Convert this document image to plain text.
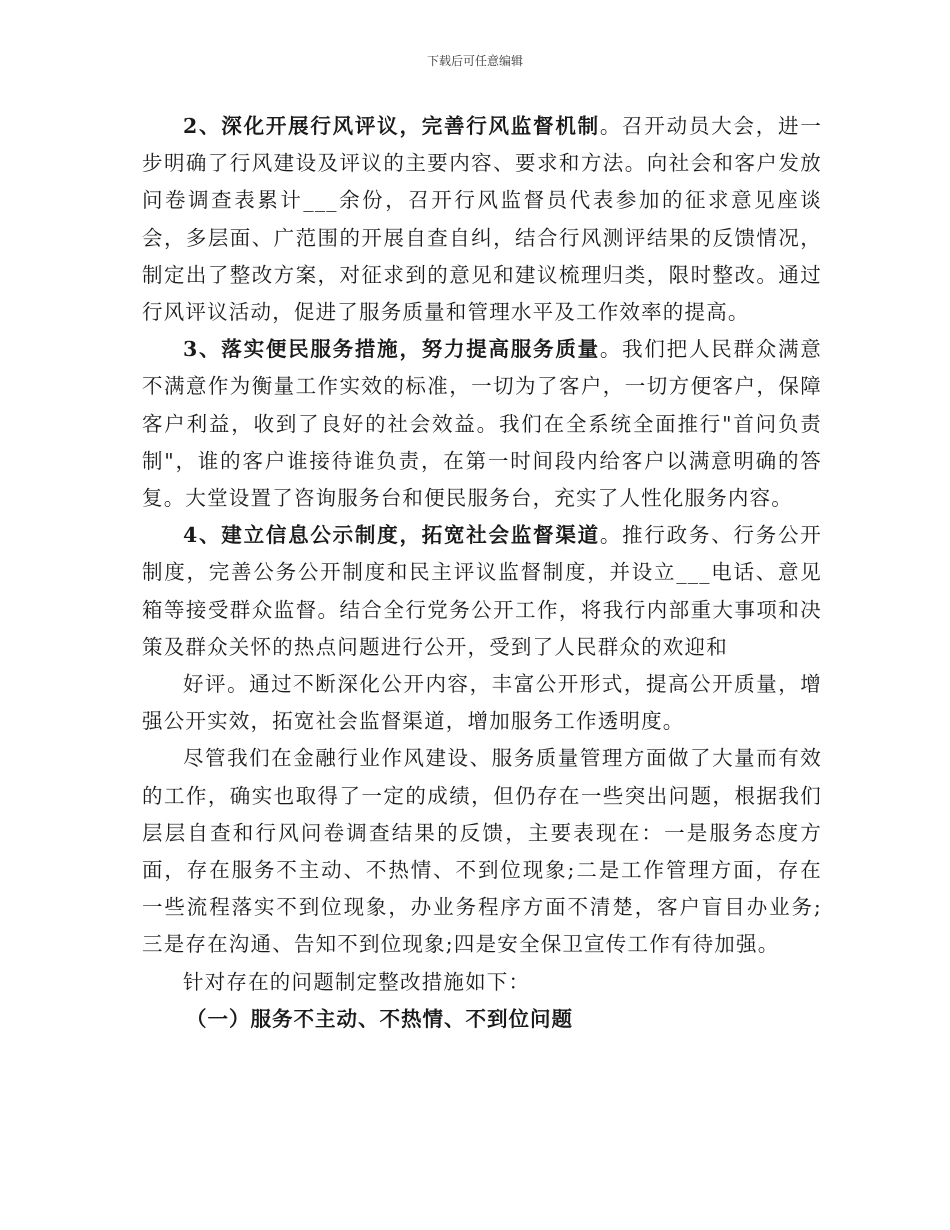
下载后可任意编辑

2、深化开展行风评议，完善行风监督机制。召开动员大会，进一步明确了行风建设及评议的主要内容、要求和方法。向社会和客户发放问卷调查表累计___余份，召开行风监督员代表参加的征求意见座谈会，多层面、广范围的开展自查自纠，结合行风测评结果的反馈情况，制定出了整改方案，对征求到的意见和建议梳理归类，限时整改。通过行风评议活动，促进了服务质量和管理水平及工作效率的提高。

3、落实便民服务措施，努力提高服务质量。我们把人民群众满意不满意作为衡量工作实效的标准，一切为了客户，一切方便客户，保障客户利益，收到了良好的社会效益。我们在全系统全面推行"首问负责制"，谁的客户谁接待谁负责，在第一时间段内给客户以满意明确的答复。大堂设置了咨询服务台和便民服务台，充实了人性化服务内容。

4、建立信息公示制度，拓宽社会监督渠道。推行政务、行务公开制度，完善公务公开制度和民主评议监督制度，并设立___电话、意见箱等接受群众监督。结合全行党务公开工作，将我行内部重大事项和决策及群众关怀的热点问题进行公开，受到了人民群众的欢迎和

好评。通过不断深化公开内容，丰富公开形式，提高公开质量，增强公开实效，拓宽社会监督渠道，增加服务工作透明度。

尽管我们在金融行业作风建设、服务质量管理方面做了大量而有效的工作，确实也取得了一定的成绩，但仍存在一些突出问题，根据我们层层自查和行风问卷调查结果的反馈，主要表现在：一是服务态度方面，存在服务不主动、不热情、不到位现象;二是工作管理方面，存在一些流程落实不到位现象，办业务程序方面不清楚，客户盲目办业务;三是存在沟通、告知不到位现象;四是安全保卫宣传工作有待加强。

针对存在的问题制定整改措施如下：

（一）服务不主动、不热情、不到位问题
